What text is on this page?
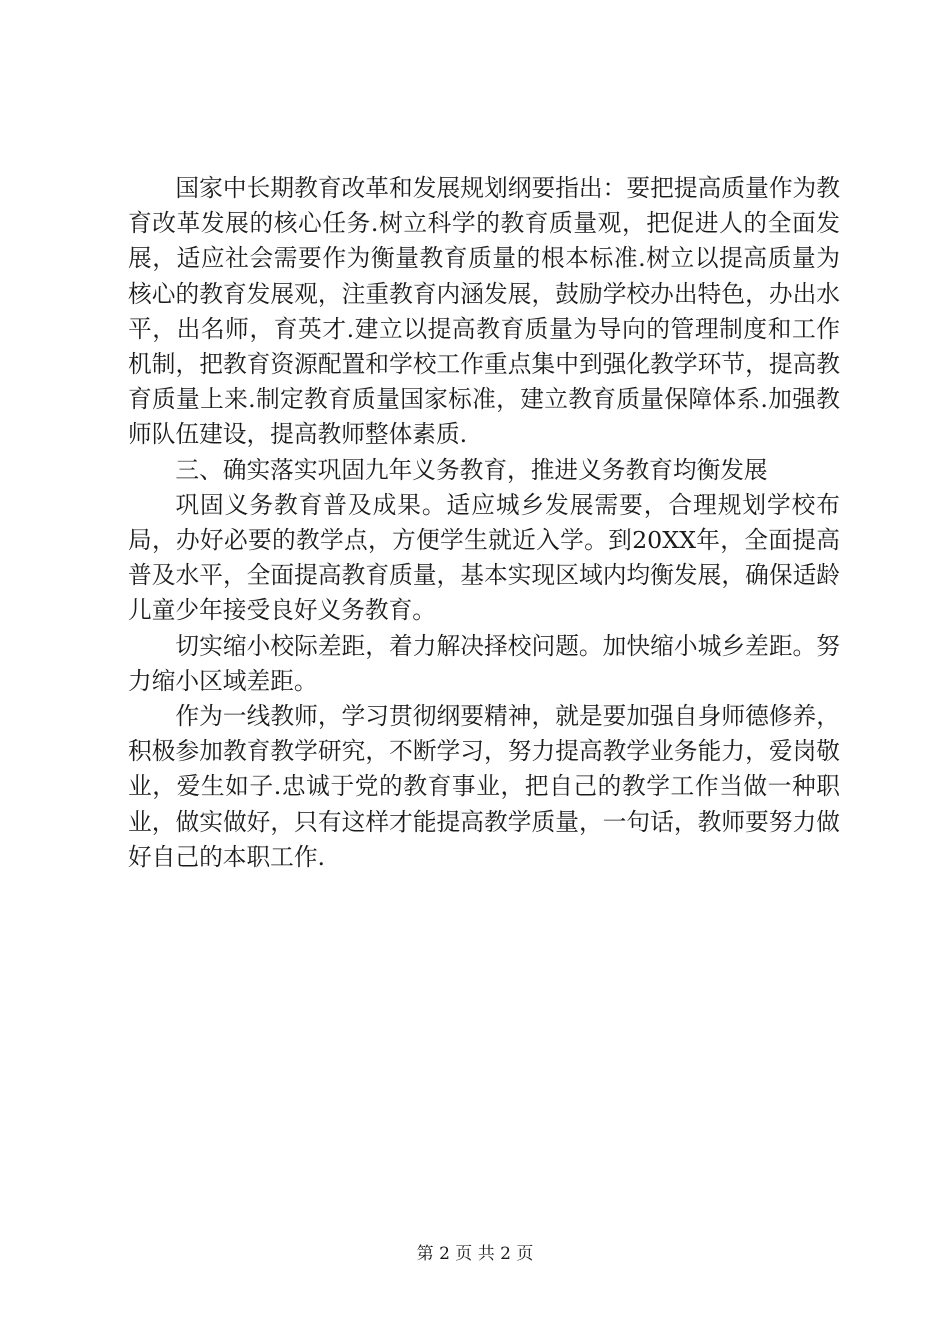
国家中长期教育改革和发展规划纲要指出：要把提高质量作为教育改革发展的核心任务.树立科学的教育质量观，把促进人的全面发展，适应社会需要作为衡量教育质量的根本标准.树立以提高质量为核心的教育发展观，注重教育内涵发展，鼓励学校办出特色，办出水平，出名师，育英才.建立以提高教育质量为导向的管理制度和工作机制，把教育资源配置和学校工作重点集中到强化教学环节，提高教育质量上来.制定教育质量国家标准，建立教育质量保障体系.加强教师队伍建设，提高教师整体素质.

三、确实落实巩固九年义务教育，推进义务教育均衡发展

巩固义务教育普及成果。适应城乡发展需要，合理规划学校布局，办好必要的教学点，方便学生就近入学。到20XX年，全面提高普及水平，全面提高教育质量，基本实现区域内均衡发展，确保适龄儿童少年接受良好义务教育。

切实缩小校际差距，着力解决择校问题。加快缩小城乡差距。努力缩小区域差距。

作为一线教师，学习贯彻纲要精神，就是要加强自身师德修养，积极参加教育教学研究，不断学习，努力提高教学业务能力，爱岗敬业，爱生如子.忠诚于党的教育事业，把自己的教学工作当做一种职业，做实做好，只有这样才能提高教学质量，一句话，教师要努力做好自己的本职工作.

第 2 页 共 2 页
